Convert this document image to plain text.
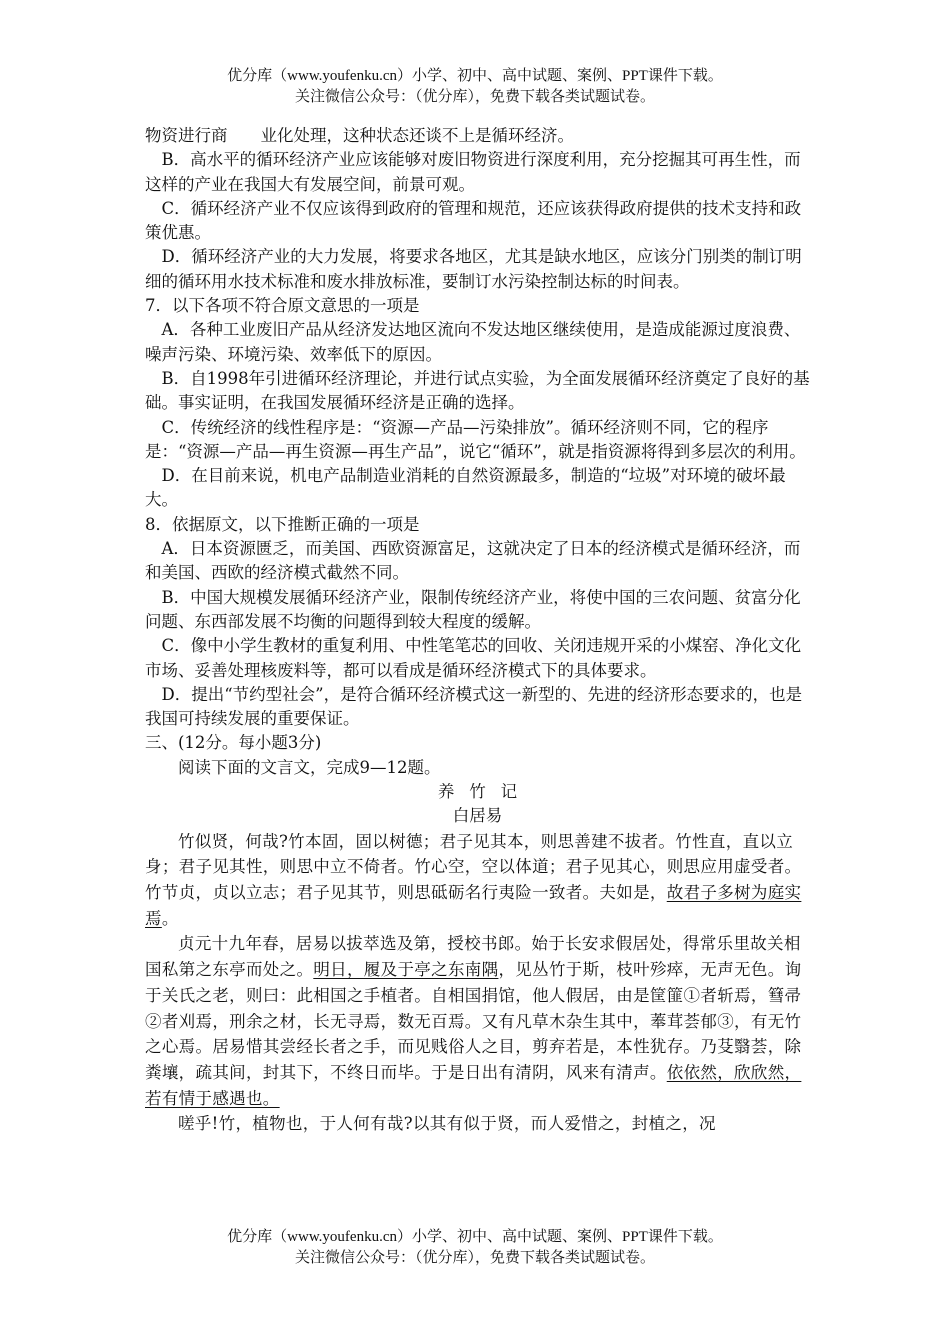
优分库（www.youfenku.cn）小学、初中、高中试题、案例、PPT课件下载。
关注微信公众号：（优分库），免费下载各类试题试卷。

物资进行商　　业化处理，这种状态还谈不上是循环经济。

B．高水平的循环经济产业应该能够对废旧物资进行深度利用，充分挖掘其可再生性，而这样的产业在我国大有发展空间，前景可观。

C．循环经济产业不仅应该得到政府的管理和规范，还应该获得政府提供的技术支持和政　　策优惠。

D．循环经济产业的大力发展，将要求各地区，尤其是缺水地区，应该分门别类的制订明细的循环用水技术标准和废水排放标准，要制订水污染控制达标的时间表。

7．以下各项不符合原文意思的一项是

A．各种工业废旧产品从经济发达地区流向不发达地区继续使用，是造成能源过度浪费、噪声污染、环境污染、效率低下的原因。

B．自1998年引进循环经济理论，并进行试点实验，为全面发展循环经济奠定了良好的基　　础。事实证明，在我国发展循环经济是正确的选择。

C．传统经济的线性程序是：“资源—产品—污染排放”。循环经济则不同，它的程序是：“资源—产品—再生资源—再生产品”，说它“循环”，就是指资源将得到多层次的利用。

D．在目前来说，机电产品制造业消耗的自然资源最多，制造的“垃圾”对环境的破坏最大。

8．依据原文，以下推断正确的一项是

A．日本资源匮乏，而美国、西欧资源富足，这就决定了日本的经济模式是循环经济，而和美国、西欧的经济模式截然不同。

B．中国大规模发展循环经济产业，限制传统经济产业，将使中国的三农问题、贫富分化问题、东西部发展不均衡的问题得到较大程度的缓解。

C．像中小学生教材的重复利用、中性笔笔芯的回收、关闭违规开采的小煤窑、净化文化市场、妥善处理核废料等，都可以看成是循环经济模式下的具体要求。

D．提出“节约型社会”，是符合循环经济模式这一新型的、先进的经济形态要求的，也是我国可持续发展的重要保证。

三、(12分。每小题3分)

阅读下面的文言文，完成9—12题。

养竹记

白居易

竹似贤，何哉?竹本固，固以树德；君子见其本，则思善建不拔者。竹性直，直以立身；君子见其性，则思中立不倚者。竹心空，空以体道；君子见其心，则思应用虚受者。竹节贞，贞以立志；君子见其节，则思砥砺名行夷险一致者。夫如是，故君子多树为庭实焉。

贞元十九年春，居易以拔萃选及第，授校书郎。始于长安求假居处，得常乐里故关相国私第之东亭而处之。明日，履及于亭之东南隅，见丛竹于斯，枝叶殄瘁，无声无色。询于关氏之老，则曰：此相国之手植者。自相国捐馆，他人假居，由是筐篚①者斩焉，篲帚②者刈焉，刑余之材，长无寻焉，数无百焉。又有凡草木杂生其中，菶茸荟郁③，有无竹之心焉。居易惜其尝经长者之手，而见贱俗人之目，剪弃若是，本性犹存。乃芟翳荟，除粪壤，疏其间，封其下，不终日而毕。于是日出有清阴，风来有清声。依依然，欣欣然，若有情于感遇也。

嗟乎!竹，植物也，于人何有哉?以其有似于贤，而人爱惜之，封植之，况

优分库（www.youfenku.cn）小学、初中、高中试题、案例、PPT课件下载。
关注微信公众号：（优分库），免费下载各类试题试卷。
